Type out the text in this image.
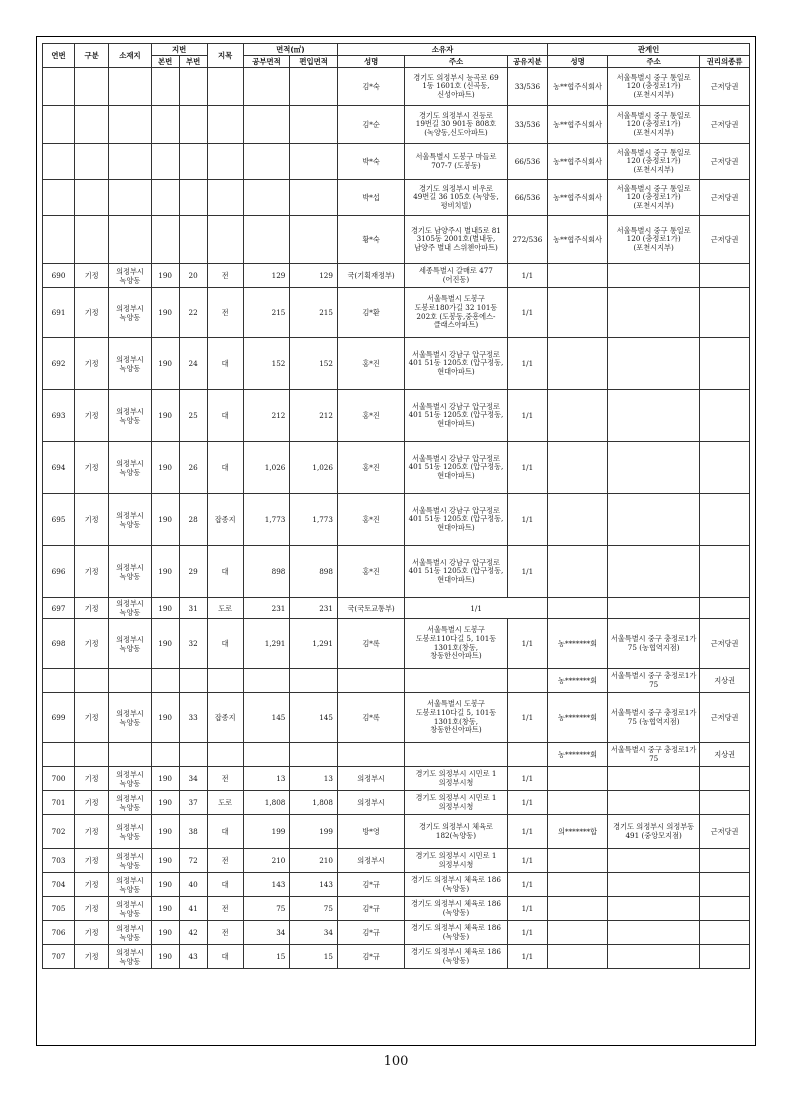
연번	구분	소재지	지번		지목	면적(㎡)		소유자			관계인		
			본번	부번		공부면적	편입면적	성명	주소	공유지분	성명	주소	권리의종류
								김*숙	경기도 의정부시 능곡로 69 1동 1601호 (신곡동, 신성아파트)	33/536	농**협주식회사	서울특별시 중구 통일로 120 (충정로1가) (포천시지부)	근저당권
								김*순	경기도 의정부시 진등로 19번길 30 901동 808호 (녹양동,신도아파트)	33/536	농**협주식회사	서울특별시 중구 통일로 120 (충정로1가) (포천시지부)	근저당권
								박*숙	서울특별시 도봉구 마들로 707-7 (도봉동)	66/536	농**협주식회사	서울특별시 중구 통일로 120 (충정로1가) (포천시지부)	근저당권
								박*섭	경기도 의정부시 비우로 49번길 36 105호 (녹양동,평비치빌)	66/536	농**협주식회사	서울특별시 중구 통일로 120 (충정로1가) (포천시지부)	근저당권
								황*숙	경기도 남양주시 별내5로 81 3105동 2001호(별내동,남양주 별내 스위첸아파트)	272/536	농**협주식회사	서울특별시 중구 통일로 120 (충정로1가) (포천시지부)	근저당권
690	기정	의정부시 녹양동	190	20	전	129	129	국(기획재정부)	세종특별시 갈매로 477 (어진동)	1/1			
691	기정	의정부시 녹양동	190	22	전	215	215	김*환	서울특별시 도봉구 도봉로180가길 32 101동 202호 (도봉동,중흥에스-클래스아파트)	1/1			
692	기정	의정부시 녹양동	190	24	대	152	152	홍*진	서울특별시 강남구 압구정로 401 51동 1205호 (압구정동,현대아파트)	1/1			
693	기정	의정부시 녹양동	190	25	대	212	212	홍*진	서울특별시 강남구 압구정로 401 51동 1205호 (압구정동,현대아파트)	1/1			
694	기정	의정부시 녹양동	190	26	대	1,026	1,026	홍*진	서울특별시 강남구 압구정로 401 51동 1205호 (압구정동,현대아파트)	1/1			
695	기정	의정부시 녹양동	190	28	잡종지	1,773	1,773	홍*진	서울특별시 강남구 압구정로 401 51동 1205호 (압구정동,현대아파트)	1/1			
696	기정	의정부시 녹양동	190	29	대	898	898	홍*진	서울특별시 강남구 압구정로 401 51동 1205호 (압구정동,현대아파트)	1/1			
697	기정	의정부시 녹양동	190	31	도로	231	231	국(국토교통부)	1/1				
698	기정	의정부시 녹양동	190	32	대	1,291	1,291	김*록	서울특별시 도봉구 도봉로110다길 5, 101동 1301호(창동, 창동한신아파트)	1/1	농*******회	서울특별시 중구 충정로1가 75 (농협역지점)	근저당권
											농*******회	서울특별시 중구 충정로1가 75	지상권
699	기정	의정부시 녹양동	190	33	잡종지	145	145	김*록	서울특별시 도봉구 도봉로110다길 5, 101동 1301호(창동, 창동한신아파트)	1/1	농*******회	서울특별시 중구 충정로1가 75 (농협역지점)	근저당권
											농*******회	서울특별시 중구 충정로1가 75	지상권
700	기정	의정부시 녹양동	190	34	전	13	13	의정부시	경기도 의정부시 시민로 1 의정부시청	1/1			
701	기정	의정부시 녹양동	190	37	도로	1,808	1,808	의정부시	경기도 의정부시 시민로 1 의정부시청	1/1			
702	기정	의정부시 녹양동	190	38	대	199	199	방*영	경기도 의정부시 체육로 182(녹양동)	1/1	의*******합	경기도 의정부시 의정부동 491 (중앙모지점)	근저당권
703	기정	의정부시 녹양동	190	72	전	210	210	의정부시	경기도 의정부시 시민로 1 의정부시청	1/1			
704	기정	의정부시 녹양동	190	40	대	143	143	김*규	경기도 의정부시 체육로 186 (녹양동)	1/1			
705	기정	의정부시 녹양동	190	41	전	75	75	김*규	경기도 의정부시 체육로 186 (녹양동)	1/1			
706	기정	의정부시 녹양동	190	42	전	34	34	김*규	경기도 의정부시 체육로 186 (녹양동)	1/1			
707	기정	의정부시 녹양동	190	43	대	15	15	김*규	경기도 의정부시 체육로 186 (녹양동)	1/1			
100
